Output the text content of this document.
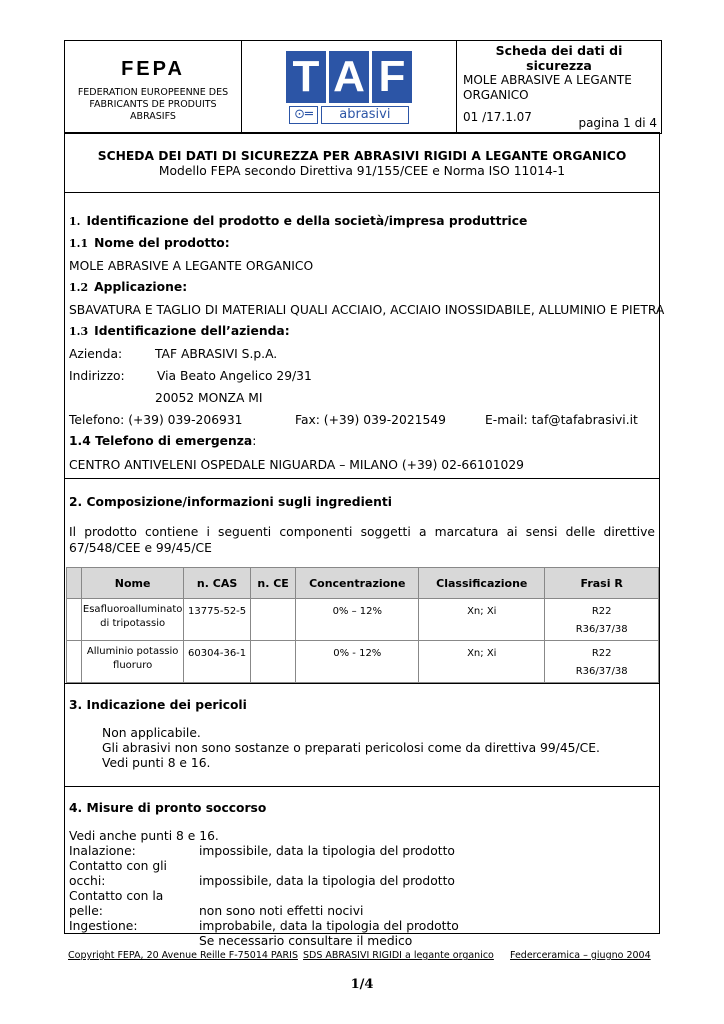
FEPA
FEDERATION EUROPEENNE DES
FABRICANTS DE PRODUITS ABRASIFS
T A F
⊙═	abrasivi
Scheda dei dati di sicurezza
MOLE ABRASIVE A LEGANTE ORGANICO
01 /17.1.07	pagina 1 di 4
SCHEDA DEI DATI DI SICUREZZA PER ABRASIVI RIGIDI A LEGANTE ORGANICO
Modello FEPA secondo Direttiva 91/155/CEE e Norma ISO 11014-1
1. Identificazione del prodotto e della società/impresa produttrice
1.1 Nome del prodotto:
MOLE ABRASIVE A LEGANTE ORGANICO
1.2 Applicazione:
SBAVATURA E TAGLIO DI MATERIALI QUALI ACCIAIO, ACCIAIO INOSSIDABILE, ALLUMINIO E PIETRA
1.3 Identificazione dell’azienda:
Azienda:	TAF ABRASIVI S.p.A.
Indirizzo:	Via Beato Angelico 29/31
20052 MONZA MI
Telefono: (+39) 039-206931	Fax: (+39) 039-2021549	E-mail: taf@tafabrasivi.it
1.4 Telefono di emergenza:
CENTRO ANTIVELENI OSPEDALE NIGUARDA – MILANO (+39) 02-66101029
2. Composizione/informazioni sugli ingredienti
Il prodotto contiene i seguenti componenti soggetti a marcatura ai sensi delle direttive 67/548/CEE e 99/45/CE
	Nome	n. CAS	n. CE	Concentrazione	Classificazione	Frasi R
	Esafluoroalluminato di tripotassio	13775-52-5		0% – 12%	Xn; Xi	R22
R36/37/38

	Alluminio potassio fluoruro	60304-36-1		0% - 12%	Xn; Xi	R22
R36/37/38
3. Indicazione dei pericoli
Non applicabile.
Gli abrasivi non sono sostanze o preparati pericolosi come da direttiva 99/45/CE.
Vedi punti 8 e 16.
4. Misure di pronto soccorso
Vedi anche punti 8 e 16.
Inalazione:	impossibile, data la tipologia del prodotto
Contatto con gli occhi:	impossibile, data la tipologia del prodotto
Contatto con la pelle:	non sono noti effetti nocivi
Ingestione:	improbabile, data la tipologia del prodotto
Se necessario consultare il medico
Copyright FEPA, 20 Avenue Reille F-75014 PARIS SDS ABRASIVI RIGIDI a legante organico Federceramica – giugno 2004
1/4
